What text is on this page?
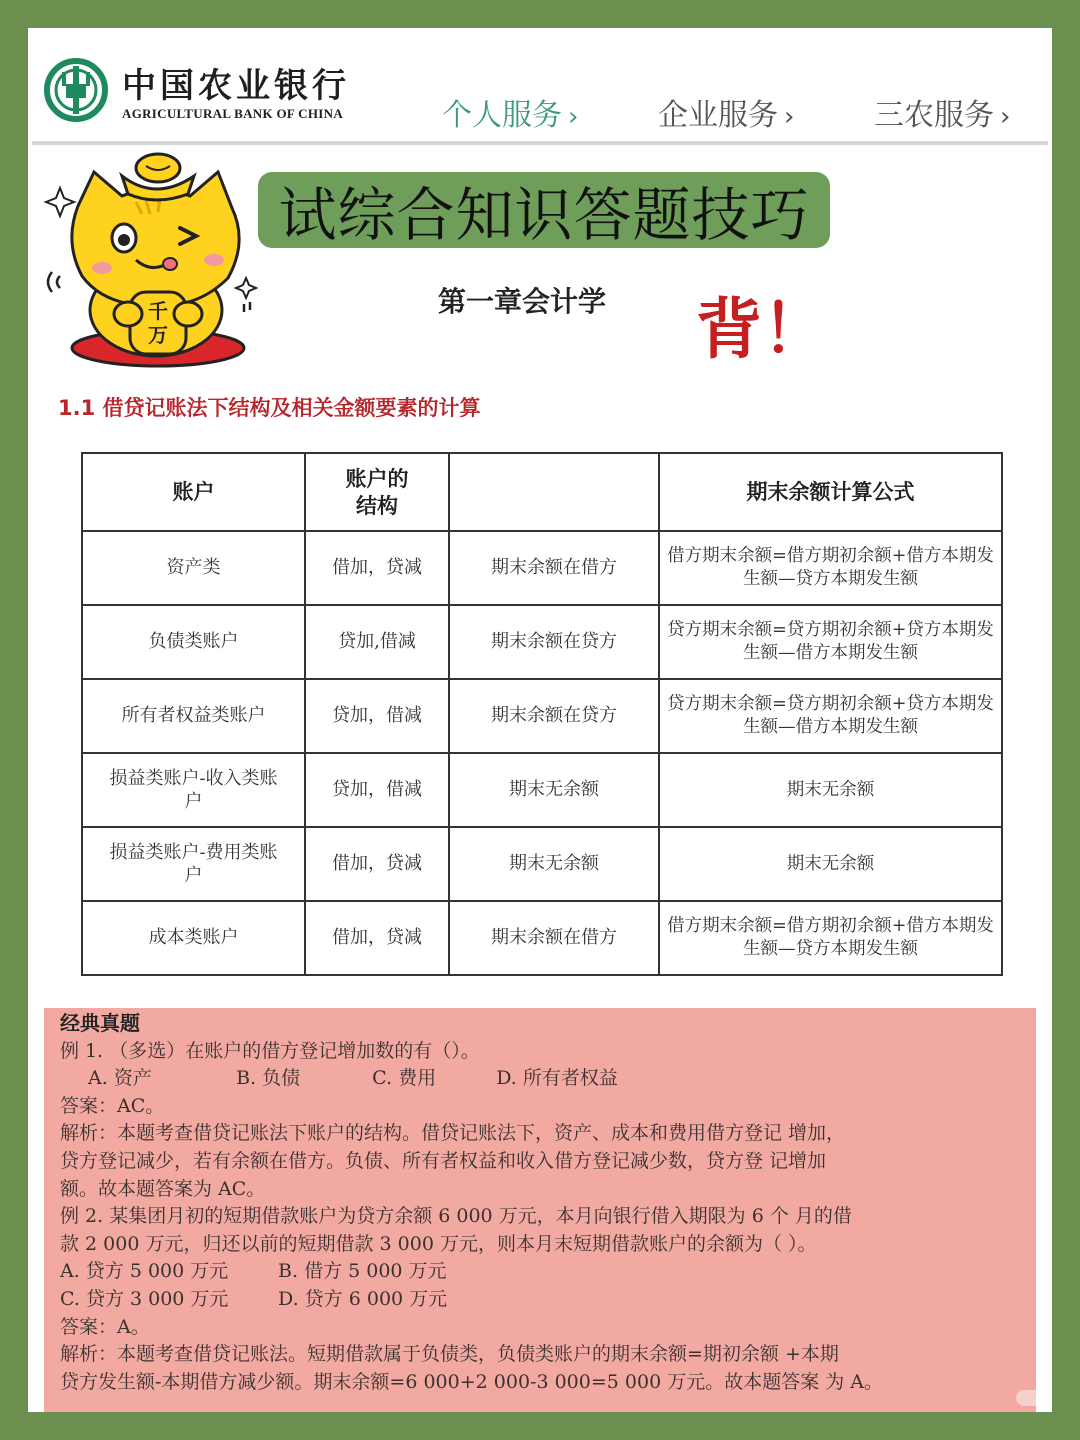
中国农业银行
AGRICULTURAL BANK OF CHINA	个人服务 ›	企业服务 ›	三农服务 ›
千
万
试综合知识答题技巧
第一章会计学 背！
1.1 借贷记账法下结构及相关金额要素的计算
账户	账户的结构		期末余额计算公式
资产类	借加，贷减	期末余额在借方	借方期末余额=借方期初余额+借方本期发生额—贷方本期发生额
负债类账户	贷加,借减	期末余额在贷方	贷方期末余额=贷方期初余额+贷方本期发生额—借方本期发生额
所有者权益类账户	贷加，借减	期末余额在贷方	贷方期末余额=贷方期初余额+贷方本期发生额—借方本期发生额
损益类账户-收入类账户	贷加，借减	期末无余额	期末无余额
损益类账户-费用类账户	借加，贷减	期末无余额	期末无余额
成本类账户	借加，贷减	期末余额在借方	借方期末余额=借方期初余额+借方本期发生额—贷方本期发生额
经典真题
例 1. （多选）在账户的借方登记增加数的有（）。
A. 资产	B. 负债	C. 费用	D. 所有者权益
答案：AC。
解析：本题考查借贷记账法下账户的结构。借贷记账法下，资产、成本和费用借方登记 增加，
贷方登记减少，若有余额在借方。负债、所有者权益和收入借方登记减少数，贷方登 记增加
额。故本题答案为 AC。
例 2. 某集团月初的短期借款账户为贷方余额 6 000 万元，本月向银行借入期限为 6 个 月的借
款 2 000 万元，归还以前的短期借款 3 000 万元，则本月末短期借款账户的余额为（ ）。
A. 贷方 5 000 万元	B. 借方 5 000 万元
C. 贷方 3 000 万元	D. 贷方 6 000 万元
答案：A。
解析：本题考查借贷记账法。短期借款属于负债类，负债类账户的期末余额=期初余额 +本期
贷方发生额-本期借方减少额。期末余额=6 000+2 000-3 000=5 000 万元。故本题答案 为 A。
